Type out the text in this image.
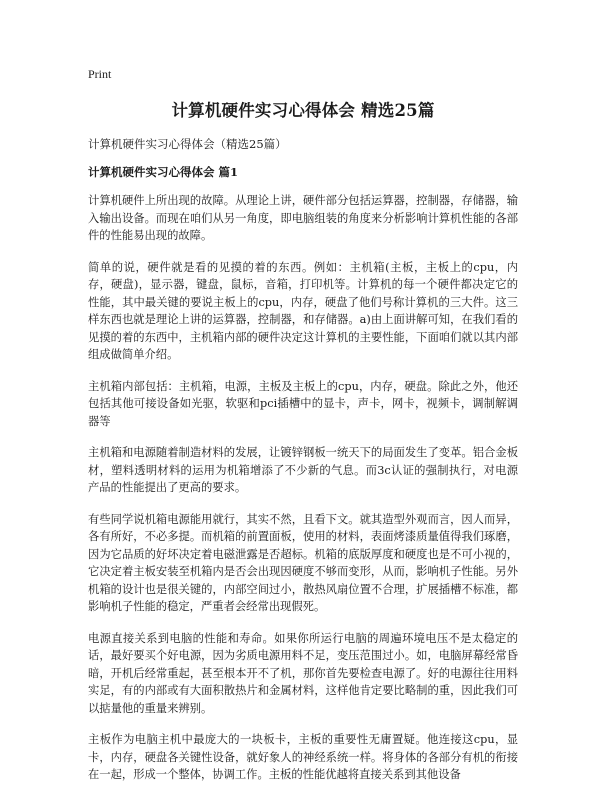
Print
计算机硬件实习心得体会 精选25篇
计算机硬件实习心得体会（精选25篇）
计算机硬件实习心得体会 篇1

计算机硬件上所出现的故障。从理论上讲，硬件部分包括运算器，控制器，存储器，输入输出设备。而现在咱们从另一角度，即电脑组装的角度来分析影响计算机性能的各部件的性能易出现的故障。

简单的说，硬件就是看的见摸的着的东西。例如：主机箱(主板，主板上的cpu，内存，硬盘)，显示器，键盘，鼠标，音箱，打印机等。计算机的每一个硬件都决定它的性能，其中最关键的要说主板上的cpu，内存，硬盘了他们号称计算机的三大件。这三样东西也就是理论上讲的运算器，控制器，和存储器。a)由上面讲解可知，在我们看的见摸的着的东西中，主机箱内部的硬件决定这计算机的主要性能，下面咱们就以其内部组成做简单介绍。

主机箱内部包括：主机箱，电源，主板及主板上的cpu，内存，硬盘。除此之外，他还包括其他可接设备如光驱，软驱和pci插槽中的显卡，声卡，网卡，视频卡，调制解调器等

主机箱和电源随着制造材料的发展，让镀锌钢板一统天下的局面发生了变革。铝合金板材，塑料透明材料的运用为机箱增添了不少新的气息。而3c认证的强制执行，对电源产品的性能提出了更高的要求。

有些同学说机箱电源能用就行，其实不然，且看下文。就其造型外观而言，因人而异，各有所好，不必多提。而机箱的前置面板，使用的材料，表面烤漆质量值得我们琢磨，因为它品质的好坏决定着电磁泄露是否超标。机箱的底版厚度和硬度也是不可小视的，它决定着主板安装至机箱内是否会出现因硬度不够而变形，从而，影响机子性能。另外机箱的设计也是很关键的，内部空间过小，散热风扇位置不合理，扩展插槽不标准，都影响机子性能的稳定，严重者会经常出现假死。

电源直接关系到电脑的性能和寿命。如果你所运行电脑的周遍环境电压不是太稳定的话，最好要买个好电源，因为劣质电源用料不足，变压范围过小。如，电脑屏幕经常昏暗，开机后经常重起，甚至根本开不了机，那你首先要检查电源了。好的电源往往用料实足，有的内部或有大面积散热片和金属材料，这样他肯定要比略制的重，因此我们可以掂量他的重量来辨别。

主板作为电脑主机中最庞大的一块板卡，主板的重要性无庸置疑。他连接这cpu，显卡，内存，硬盘各关键性设备，就好象人的神经系统一样。将身体的各部分有机的衔接在一起，形成一个整体，协调工作。主板的性能优越将直接关系到其他设备
